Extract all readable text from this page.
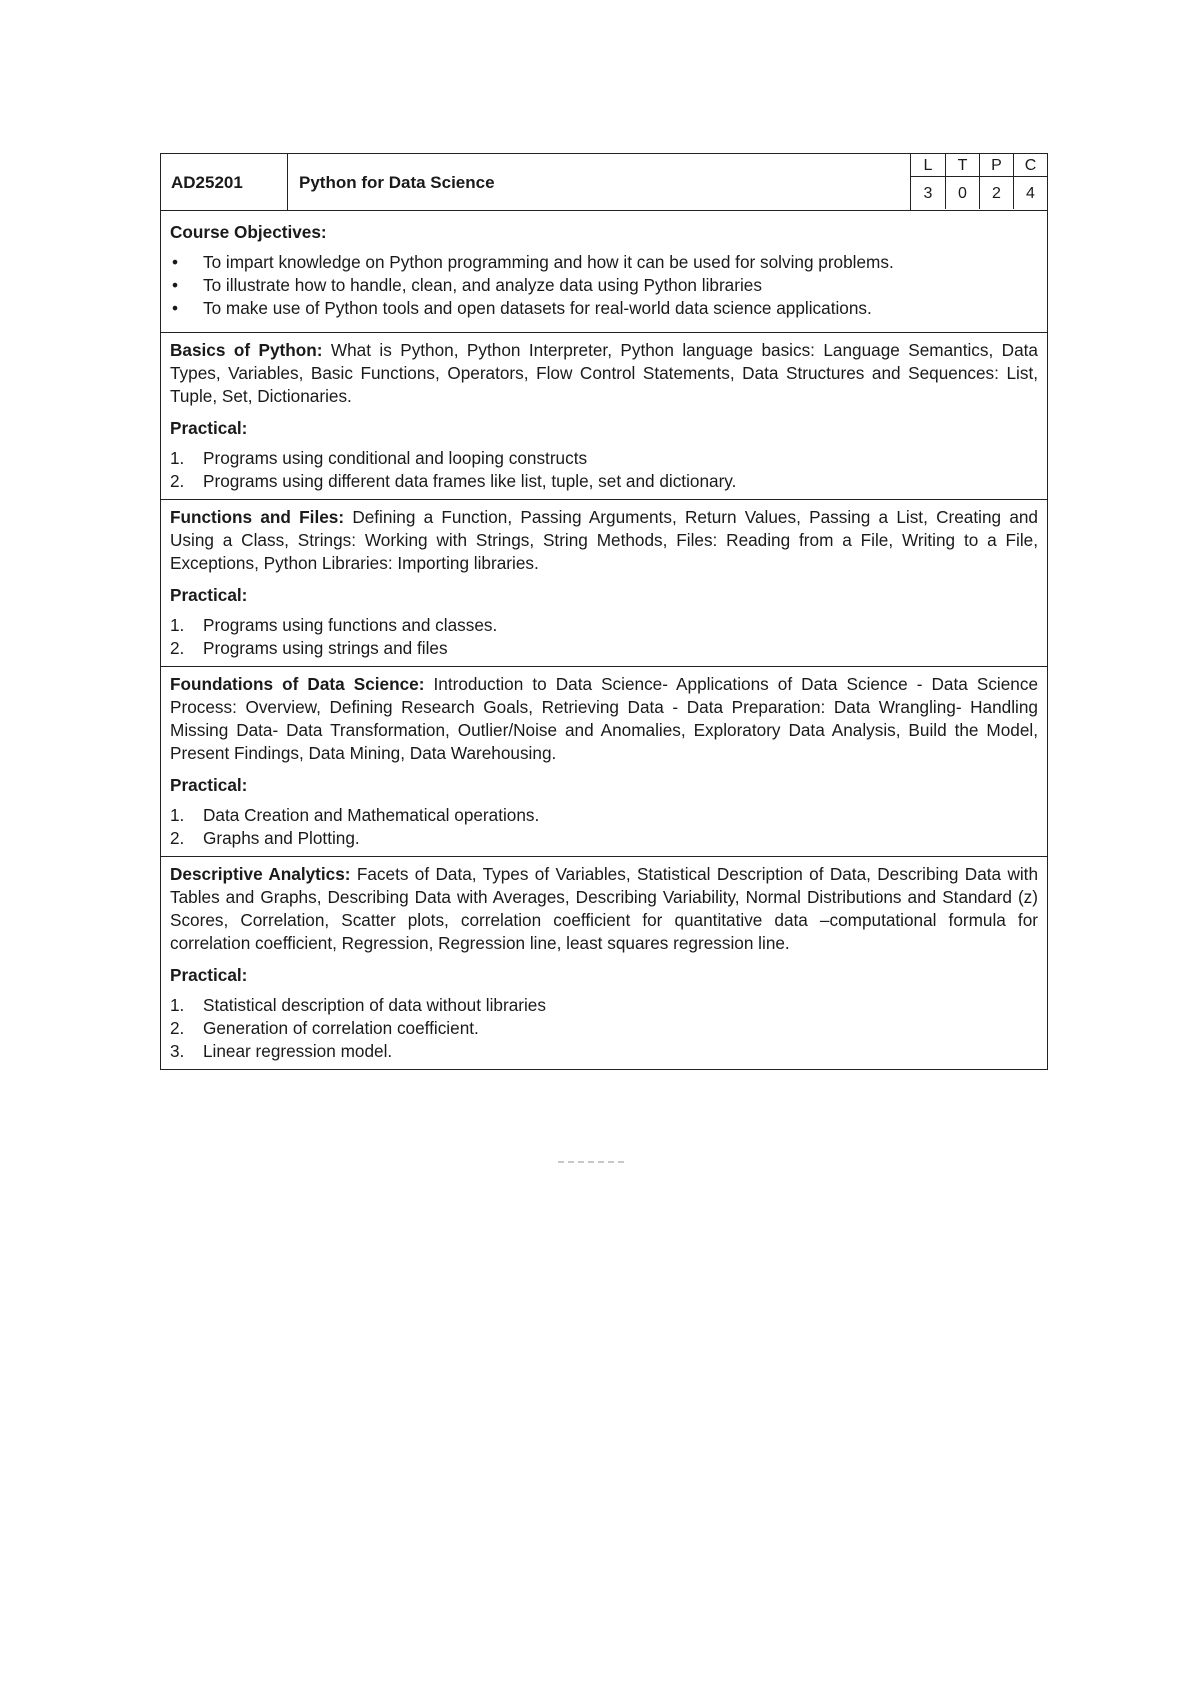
AD25201	Python for Data Science
L	T	P	C
3	0	2	4
Course Objectives:
• To impart knowledge on Python programming and how it can be used for solving problems.
• To illustrate how to handle, clean, and analyze data using Python libraries
• To make use of Python tools and open datasets for real-world data science applications.

Basics of Python: What is Python, Python Interpreter, Python language basics: Language Semantics, Data Types, Variables, Basic Functions, Operators, Flow Control Statements, Data Structures and Sequences: List, Tuple, Set, Dictionaries.

Practical:
1. Programs using conditional and looping constructs
2. Programs using different data frames like list, tuple, set and dictionary.

Functions and Files: Defining a Function, Passing Arguments, Return Values, Passing a List, Creating and Using a Class, Strings: Working with Strings, String Methods, Files: Reading from a File, Writing to a File, Exceptions, Python Libraries: Importing libraries.

Practical:
1. Programs using functions and classes.
2. Programs using strings and files

Foundations of Data Science: Introduction to Data Science- Applications of Data Science - Data Science Process: Overview, Defining Research Goals, Retrieving Data - Data Preparation: Data Wrangling- Handling Missing Data- Data Transformation, Outlier/Noise and Anomalies, Exploratory Data Analysis, Build the Model, Present Findings, Data Mining, Data Warehousing.

Practical:
1. Data Creation and Mathematical operations.
2. Graphs and Plotting.

Descriptive Analytics: Facets of Data, Types of Variables, Statistical Description of Data, Describing Data with Tables and Graphs, Describing Data with Averages, Describing Variability, Normal Distributions and Standard (z) Scores, Correlation, Scatter plots, correlation coefficient for quantitative data –computational formula for correlation coefficient, Regression, Regression line, least squares regression line.

Practical:
1. Statistical description of data without libraries
2. Generation of correlation coefficient.
3. Linear regression model.
